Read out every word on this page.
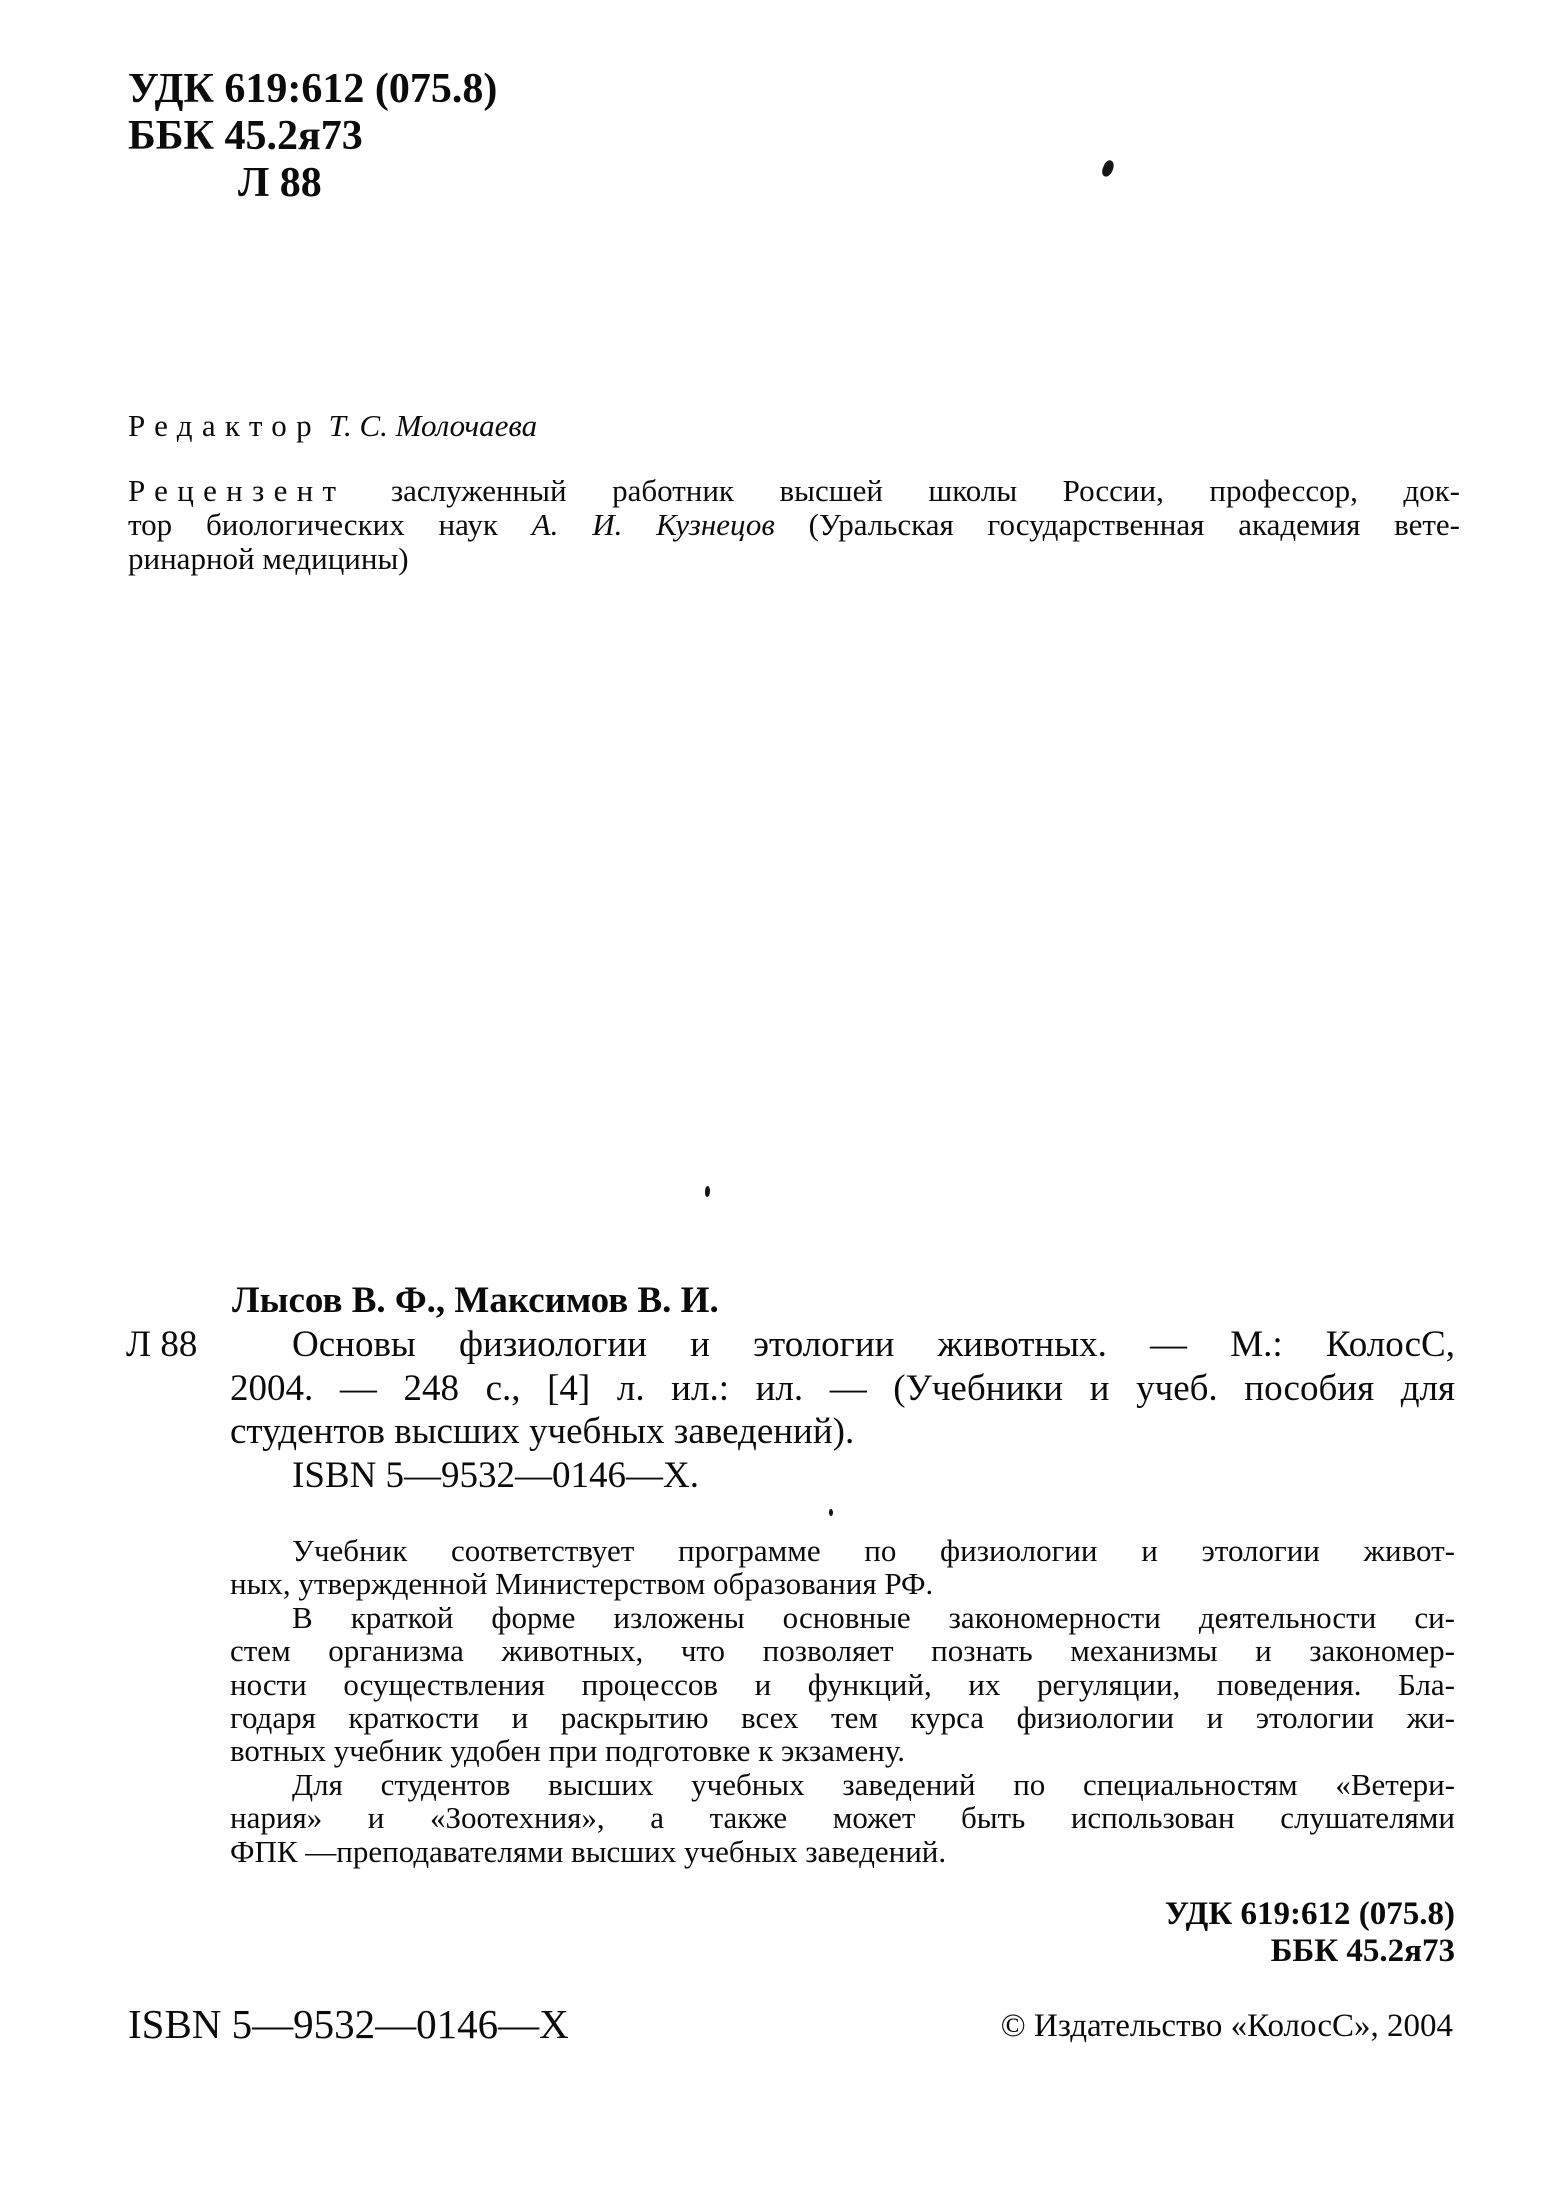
УДК 619:612 (075.8)
ББК 45.2я73
Л 88
Редактор Т. С. Молочаева
Рецензент заслуженный работник высшей школы России, профессор, док-
тор биологических наук А. И. Кузнецов (Уральская государственная академия вете-
ринарной медицины)
Лысов В. Ф., Максимов В. И.
Л 88	Основы физиологии и этологии животных. — М.: КолосС,
2004. — 248 с., [4] л. ил.: ил. — (Учебники и учеб. пособия для
студентов высших учебных заведений).
ISBN 5—9532—0146—X.
Учебник соответствует программе по физиологии и этологии живот-
ных, утвержденной Министерством образования РФ.
В краткой форме изложены основные закономерности деятельности си-
стем организма животных, что позволяет познать механизмы и закономер-
ности осуществления процессов и функций, их регуляции, поведения. Бла-
годаря краткости и раскрытию всех тем курса физиологии и этологии жи-
вотных учебник удобен при подготовке к экзамену.
Для студентов высших учебных заведений по специальностям «Ветери-
нария» и «Зоотехния», а также может быть использован слушателями
ФПК —преподавателями высших учебных заведений.
УДК 619:612 (075.8)
ББК 45.2я73
ISBN 5—9532—0146—X	© Издательство «КолосС», 2004
